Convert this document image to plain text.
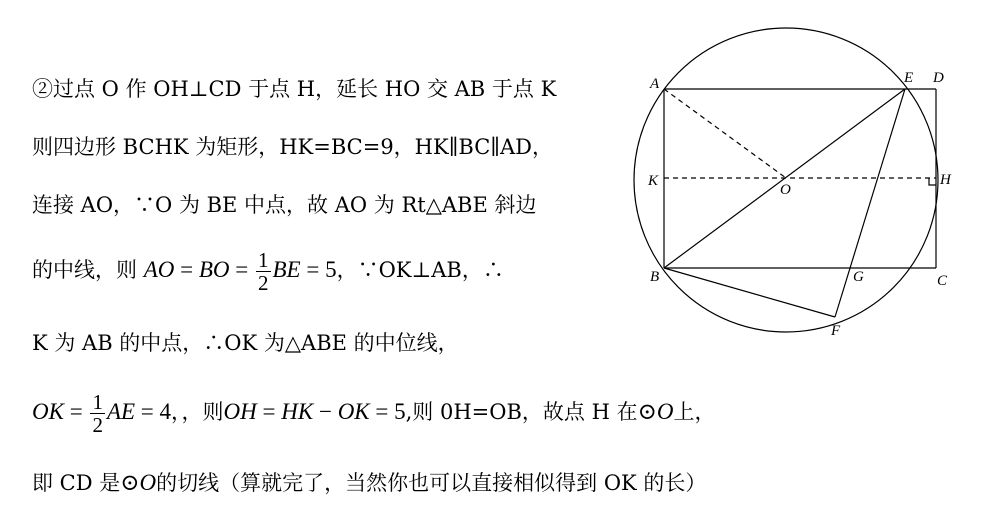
②过点 O 作 OH⊥CD 于点 H，延长 HO 交 AB 于点 K
则四边形 BCHK 为矩形，HK=BC=9，HK∥BC∥AD，
连接 AO，∵O 为 BE 中点，故 AO 为 Rt△ABE 斜边
的中线，则 AO = BO = $\frac{1}{2}$ BE = 5，∵OK⊥AB，∴
K 为 AB 的中点，∴OK 为△ABE 的中位线，
OK = $\frac{1}{2}$ AE = 4，，则OH = HK − OK = 5,则 0H=OB，故点 H 在⊙O上，
即 CD 是⊙O的切线（算就完了，当然你也可以直接相似得到 OK 的长）
A	E D
K
O
H
B	G	C
F
